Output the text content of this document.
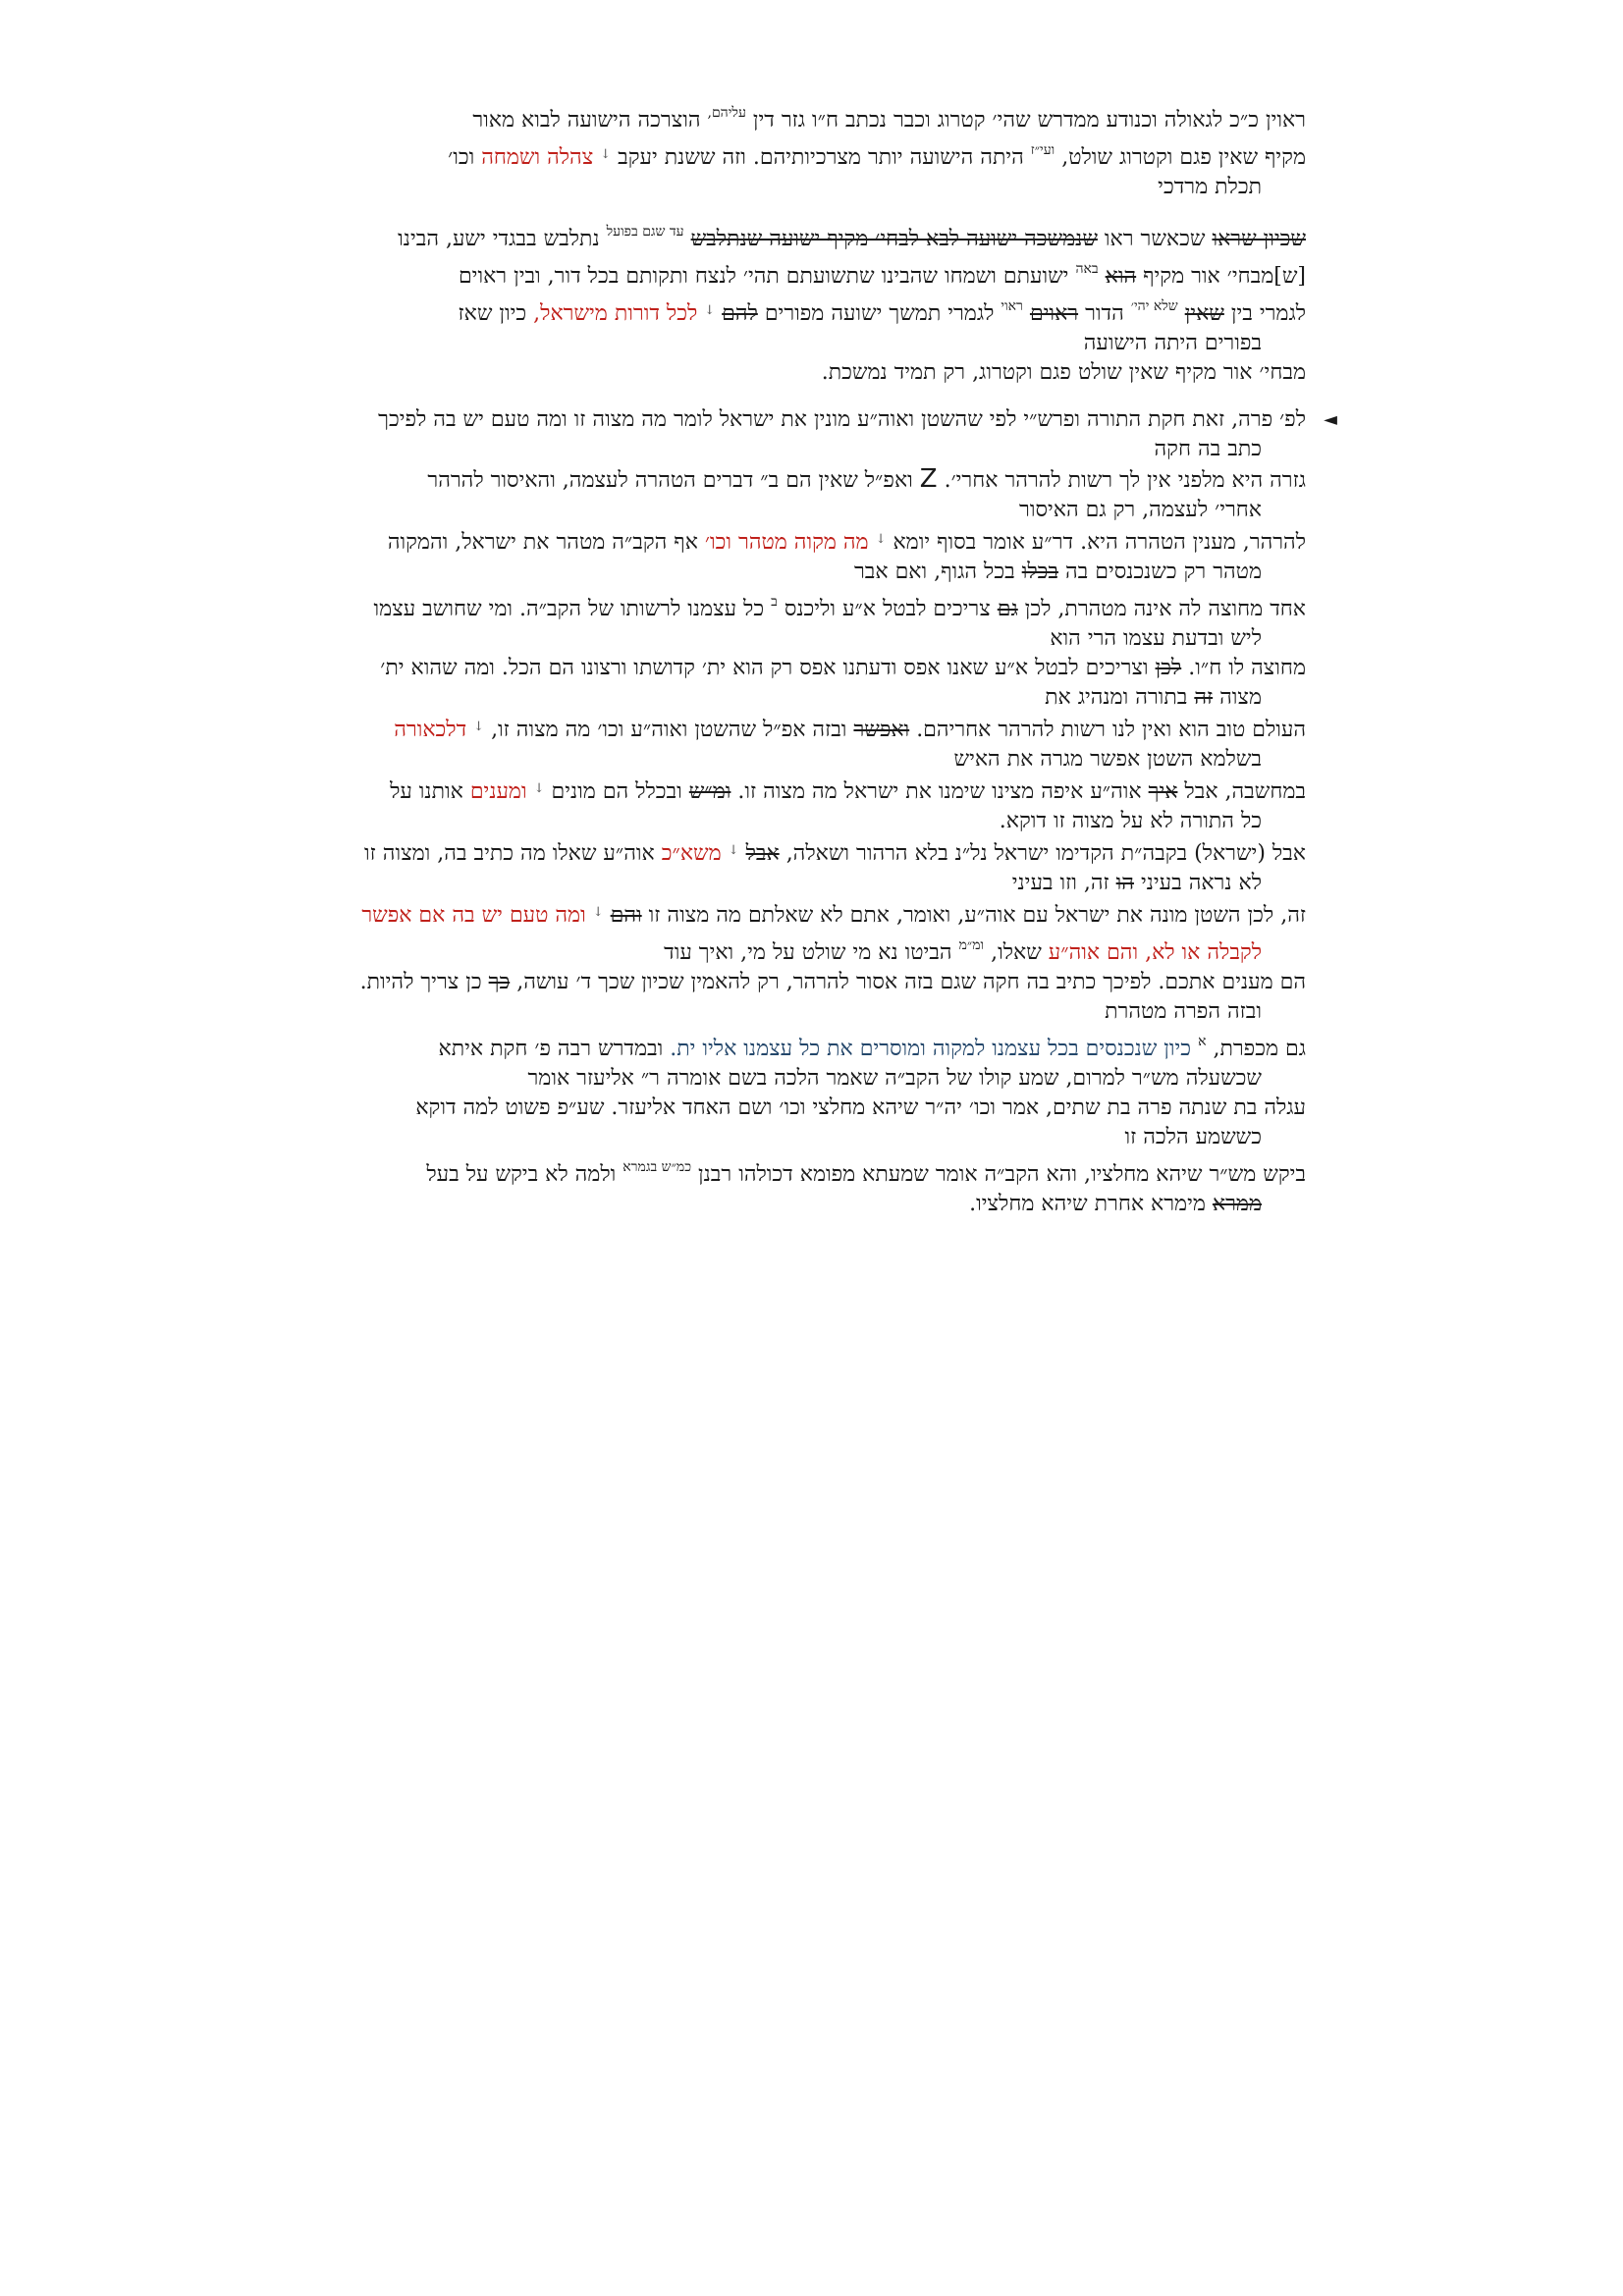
ראוין כ״כ לגאולה וכנודע ממדרש שהי׳ קטרוג וכבר נכתב ח״ו גזר דין $^{עליהם,}$ הוצרכה הישועה לבוא מאור

מקיף שאין פגם וקטרוג שולט, $^{ועי״ז}$ היתה הישועה יותר מצרכיותיהם. וזה ששנת יעקב ↓ צהלה ושמחה וכו׳

תכלת מרדכי

שכיון שראו שכאשר ראו שנמשכה ישועה לבא לבחי׳ מקיף ישועה שנתלבש $^{עד שגם בפועל}$ נתלבש בבגדי ישע, הבינו

[ש]מבחי׳ אור מקיף הוא $^{באה}$ ישועתם ושמחו שהבינו שתשועתם תהי׳ לנצח ותקותם בכל דור, ובין ראוים

לגמרי בין שאין $^{שלא יהי׳}$ הדור ראוים $^{ראוי}$ לגמרי תמשך ישועה מפורים להם ↓ לכל דורות מישראל, כיון שאז

בפורים היתה הישועה

מבחי׳ אור מקיף שאין שולט פגם וקטרוג, רק תמיד נמשכת.

◄
לפ׳ פרה, זאת חקת התורה ופרש״י לפי שהשטן ואוה״ע מונין את ישראל לומר מה מצוה זו ומה טעם יש בה לפיכך

כתב בה חקה

גזרה היא מלפני אין לך רשות להרהר אחרי׳. Z ואפ״ל שאין הם ב״ דברים הטהרה לעצמה, והאיסור להרהר

אחרי׳ לעצמה, רק גם האיסור

להרהר, מענין הטהרה היא. דר״ע אומר בסוף יומא ↓ מה מקוה מטהר וכו׳ אף הקב״ה מטהר את ישראל, והמקוה

מטהר רק כשנכנסים בה בכלו בכל הגוף, ואם אבר

אחד מחוצה לה אינה מטהרת, לכן גם צריכים לבטל א״ע וליכנס $^ב$ כל עצמנו לרשותו של הקב״ה. ומי שחושב עצמו

ליש ובדעת עצמו הרי הוא

מחוצה לו ח״ו. לכן וצריכים לבטל א״ע שאנו אפס ודעתנו אפס רק הוא ית׳ קדושתו ורצונו הם הכל. ומה שהוא ית׳

מצוה זה בתורה ומנהיג את

העולם טוב הוא ואין לנו רשות להרהר אחריהם. ואפשר ובזה אפ״ל שהשטן ואוה״ע וכו׳ מה מצוה זו, ↓ דלכאורה

בשלמא השטן אפשר מגרה את האיש

במחשבה, אבל איך אוה״ע איפה מצינו שימנו את ישראל מה מצוה זו. ומ״ש ובכלל הם מונים ↓ ומענים אותנו על

כל התורה לא על מצוה זו דוקא.

אבל (ישראל) בקבה״ת הקדימו ישראל נל״נ בלא הרהור ושאלה, אבל ↓ משא״כ אוה״ע שאלו מה כתיב בה, ומצוה זו

לא נראה בעיני הו זה, וזו בעיני

זה, לכן השטן מונה את ישראל עם אוה״ע, ואומר, אתם לא שאלתם מה מצוה זו והם ↓ ומה טעם יש בה אם אפשר

לקבלה או לא, והם אוה״ע שאלו, $^{ומ״מ}$ הביטו נא מי שולט על מי, ואיך עוד

הם מענים אתכם. לפיכך כתיב בה חקה שגם בזה אסור להרהר, רק להאמין שכיון שכך ד׳ עושה, כך כן צריך להיות.

ובזה הפרה מטהרת

גם מכפרת, $^א$ כיון שנכנסים בכל עצמנו למקוה ומוסרים את כל עצמנו אליו ית. ובמדרש רבה פ׳ חקת איתא

שכשעלה מש״ר למרום, שמע קולו של הקב״ה שאמר הלכה בשם אומרה ר״ אליעזר אומר

עגלה בת שנתה פרה בת שתים, אמר וכו׳ יה״ר שיהא מחלצי וכו׳ ושם האחד אליעזר. שע״פ פשוט למה דוקא

כששמע הלכה זו

ביקש מש״ר שיהא מחלציו, והא הקב״ה אומר שמעתא מפומא דכולהו רבנן $^{כמ״ש בגמרא}$ ולמה לא ביקש על בעל

ממרא מימרא אחרת שיהא מחלציו.
